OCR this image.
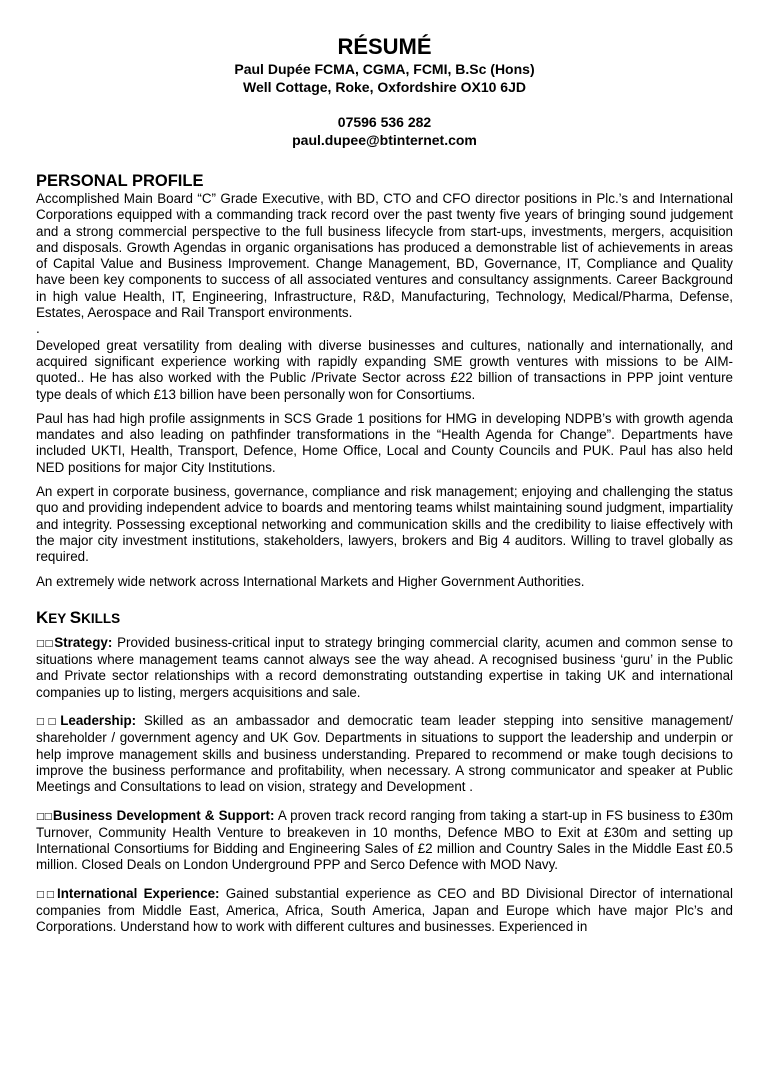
RÉSUMÉ
Paul Dupée FCMA, CGMA, FCMI, B.Sc (Hons)
Well Cottage, Roke, Oxfordshire OX10 6JD
07596 536 282
paul.dupee@btinternet.com
PERSONAL PROFILE

Accomplished Main Board “C” Grade Executive, with BD, CTO and CFO director positions in Plc.’s and International Corporations equipped with a commanding track record over the past twenty five years of bringing sound judgement and a strong commercial perspective to the full business lifecycle from start-ups, investments, mergers, acquisition and disposals. Growth Agendas in organic organisations has produced a demonstrable list of achievements in areas of Capital Value and Business Improvement. Change Management, BD, Governance, IT, Compliance and Quality have been key components to success of all associated ventures and consultancy assignments. Career Background in high value Health, IT, Engineering, Infrastructure, R&D, Manufacturing, Technology, Medical/Pharma, Defense, Estates, Aerospace and Rail Transport environments.

.

Developed great versatility from dealing with diverse businesses and cultures, nationally and internationally, and acquired significant experience working with rapidly expanding SME growth ventures with missions to be AIM-quoted.. He has also worked with the Public /Private Sector across £22 billion of transactions in PPP joint venture type deals of which £13 billion have been personally won for Consortiums.

Paul has had high profile assignments in SCS Grade 1 positions for HMG in developing NDPB’s with growth agenda mandates and also leading on pathfinder transformations in the “Health Agenda for Change”. Departments have included UKTI, Health, Transport, Defence, Home Office, Local and County Councils and PUK. Paul has also held NED positions for major City Institutions.

An expert in corporate business, governance, compliance and risk management; enjoying and challenging the status quo and providing independent advice to boards and mentoring teams whilst maintaining sound judgment, impartiality and integrity. Possessing exceptional networking and communication skills and the credibility to liaise effectively with the major city investment institutions, stakeholders, lawyers, brokers and Big 4 auditors. Willing to travel globally as required.

An extremely wide network across International Markets and Higher Government Authorities.

KEY SKILLS

□□Strategy: Provided business-critical input to strategy bringing commercial clarity, acumen and common sense to situations where management teams cannot always see the way ahead. A recognised business ‘guru’ in the Public and Private sector relationships with a record demonstrating outstanding expertise in taking UK and international companies up to listing, mergers acquisitions and sale.

□□Leadership: Skilled as an ambassador and democratic team leader stepping into sensitive management/ shareholder / government agency and UK Gov. Departments in situations to support the leadership and underpin or help improve management skills and business understanding. Prepared to recommend or make tough decisions to improve the business performance and profitability, when necessary. A strong communicator and speaker at Public Meetings and Consultations to lead on vision, strategy and Development .

□□Business Development & Support: A proven track record ranging from taking a start-up in FS business to £30m Turnover, Community Health Venture to breakeven in 10 months, Defence MBO to Exit at £30m and setting up International Consortiums for Bidding and Engineering Sales of £2 million and Country Sales in the Middle East £0.5 million. Closed Deals on London Underground PPP and Serco Defence with MOD Navy.

□□International Experience: Gained substantial experience as CEO and BD Divisional Director of international companies from Middle East, America, Africa, South America, Japan and Europe which have major Plc’s and Corporations. Understand how to work with different cultures and businesses. Experienced in
